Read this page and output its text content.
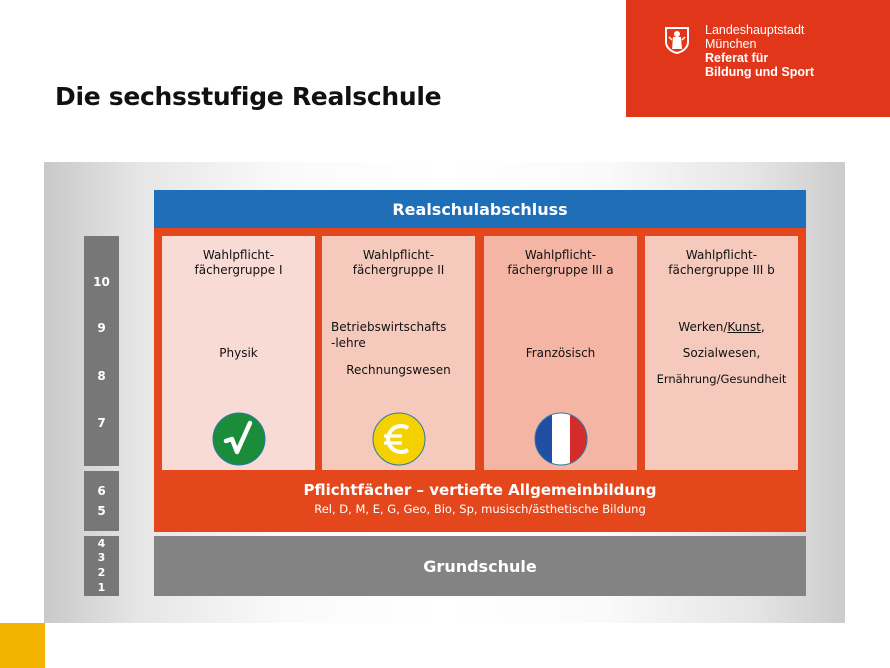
Landeshauptstadt
München
Referat für
Bildung und Sport
Die sechsstufige Realschule
10
9
8
7
6
5
4
3
2
1
Realschulabschluss
Wahlpflicht-
fächergruppe I
Physik
Wahlpflicht-
fächergruppe II
Betriebswirtschafts
-lehre
Rechnungswesen
Wahlpflicht-
fächergruppe III a
Französisch
Wahlpflicht-
fächergruppe III b
Werken/Kunst,
Sozialwesen,
Ernährung/Gesundheit
Pflichtfächer – vertiefte Allgemeinbildung
Rel, D, M, E, G, Geo, Bio, Sp, musisch/ästhetische Bildung
Grundschule
